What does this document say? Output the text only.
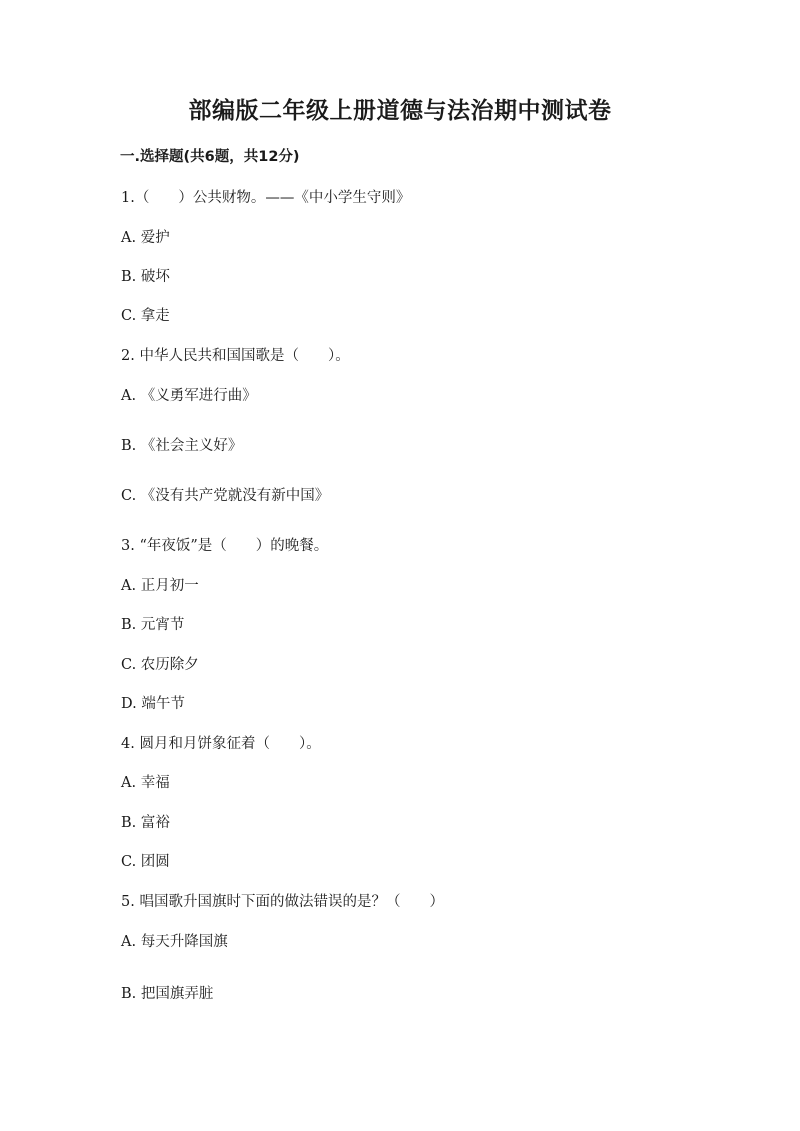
部编版二年级上册道德与法治期中测试卷
一.选择题(共6题，共12分)
1.（　　）公共财物。——《中小学生守则》
A. 爱护
B. 破坏
C. 拿走
2. 中华人民共和国国歌是（　　）。
A. 《义勇军进行曲》
B. 《社会主义好》
C. 《没有共产党就没有新中国》
3. “年夜饭”是（　　）的晚餐。
A. 正月初一
B. 元宵节
C. 农历除夕
D. 端午节
4. 圆月和月饼象征着（　　）。
A. 幸福
B. 富裕
C. 团圆
5. 唱国歌升国旗时下面的做法错误的是？（　　）
A. 每天升降国旗
B. 把国旗弄脏
